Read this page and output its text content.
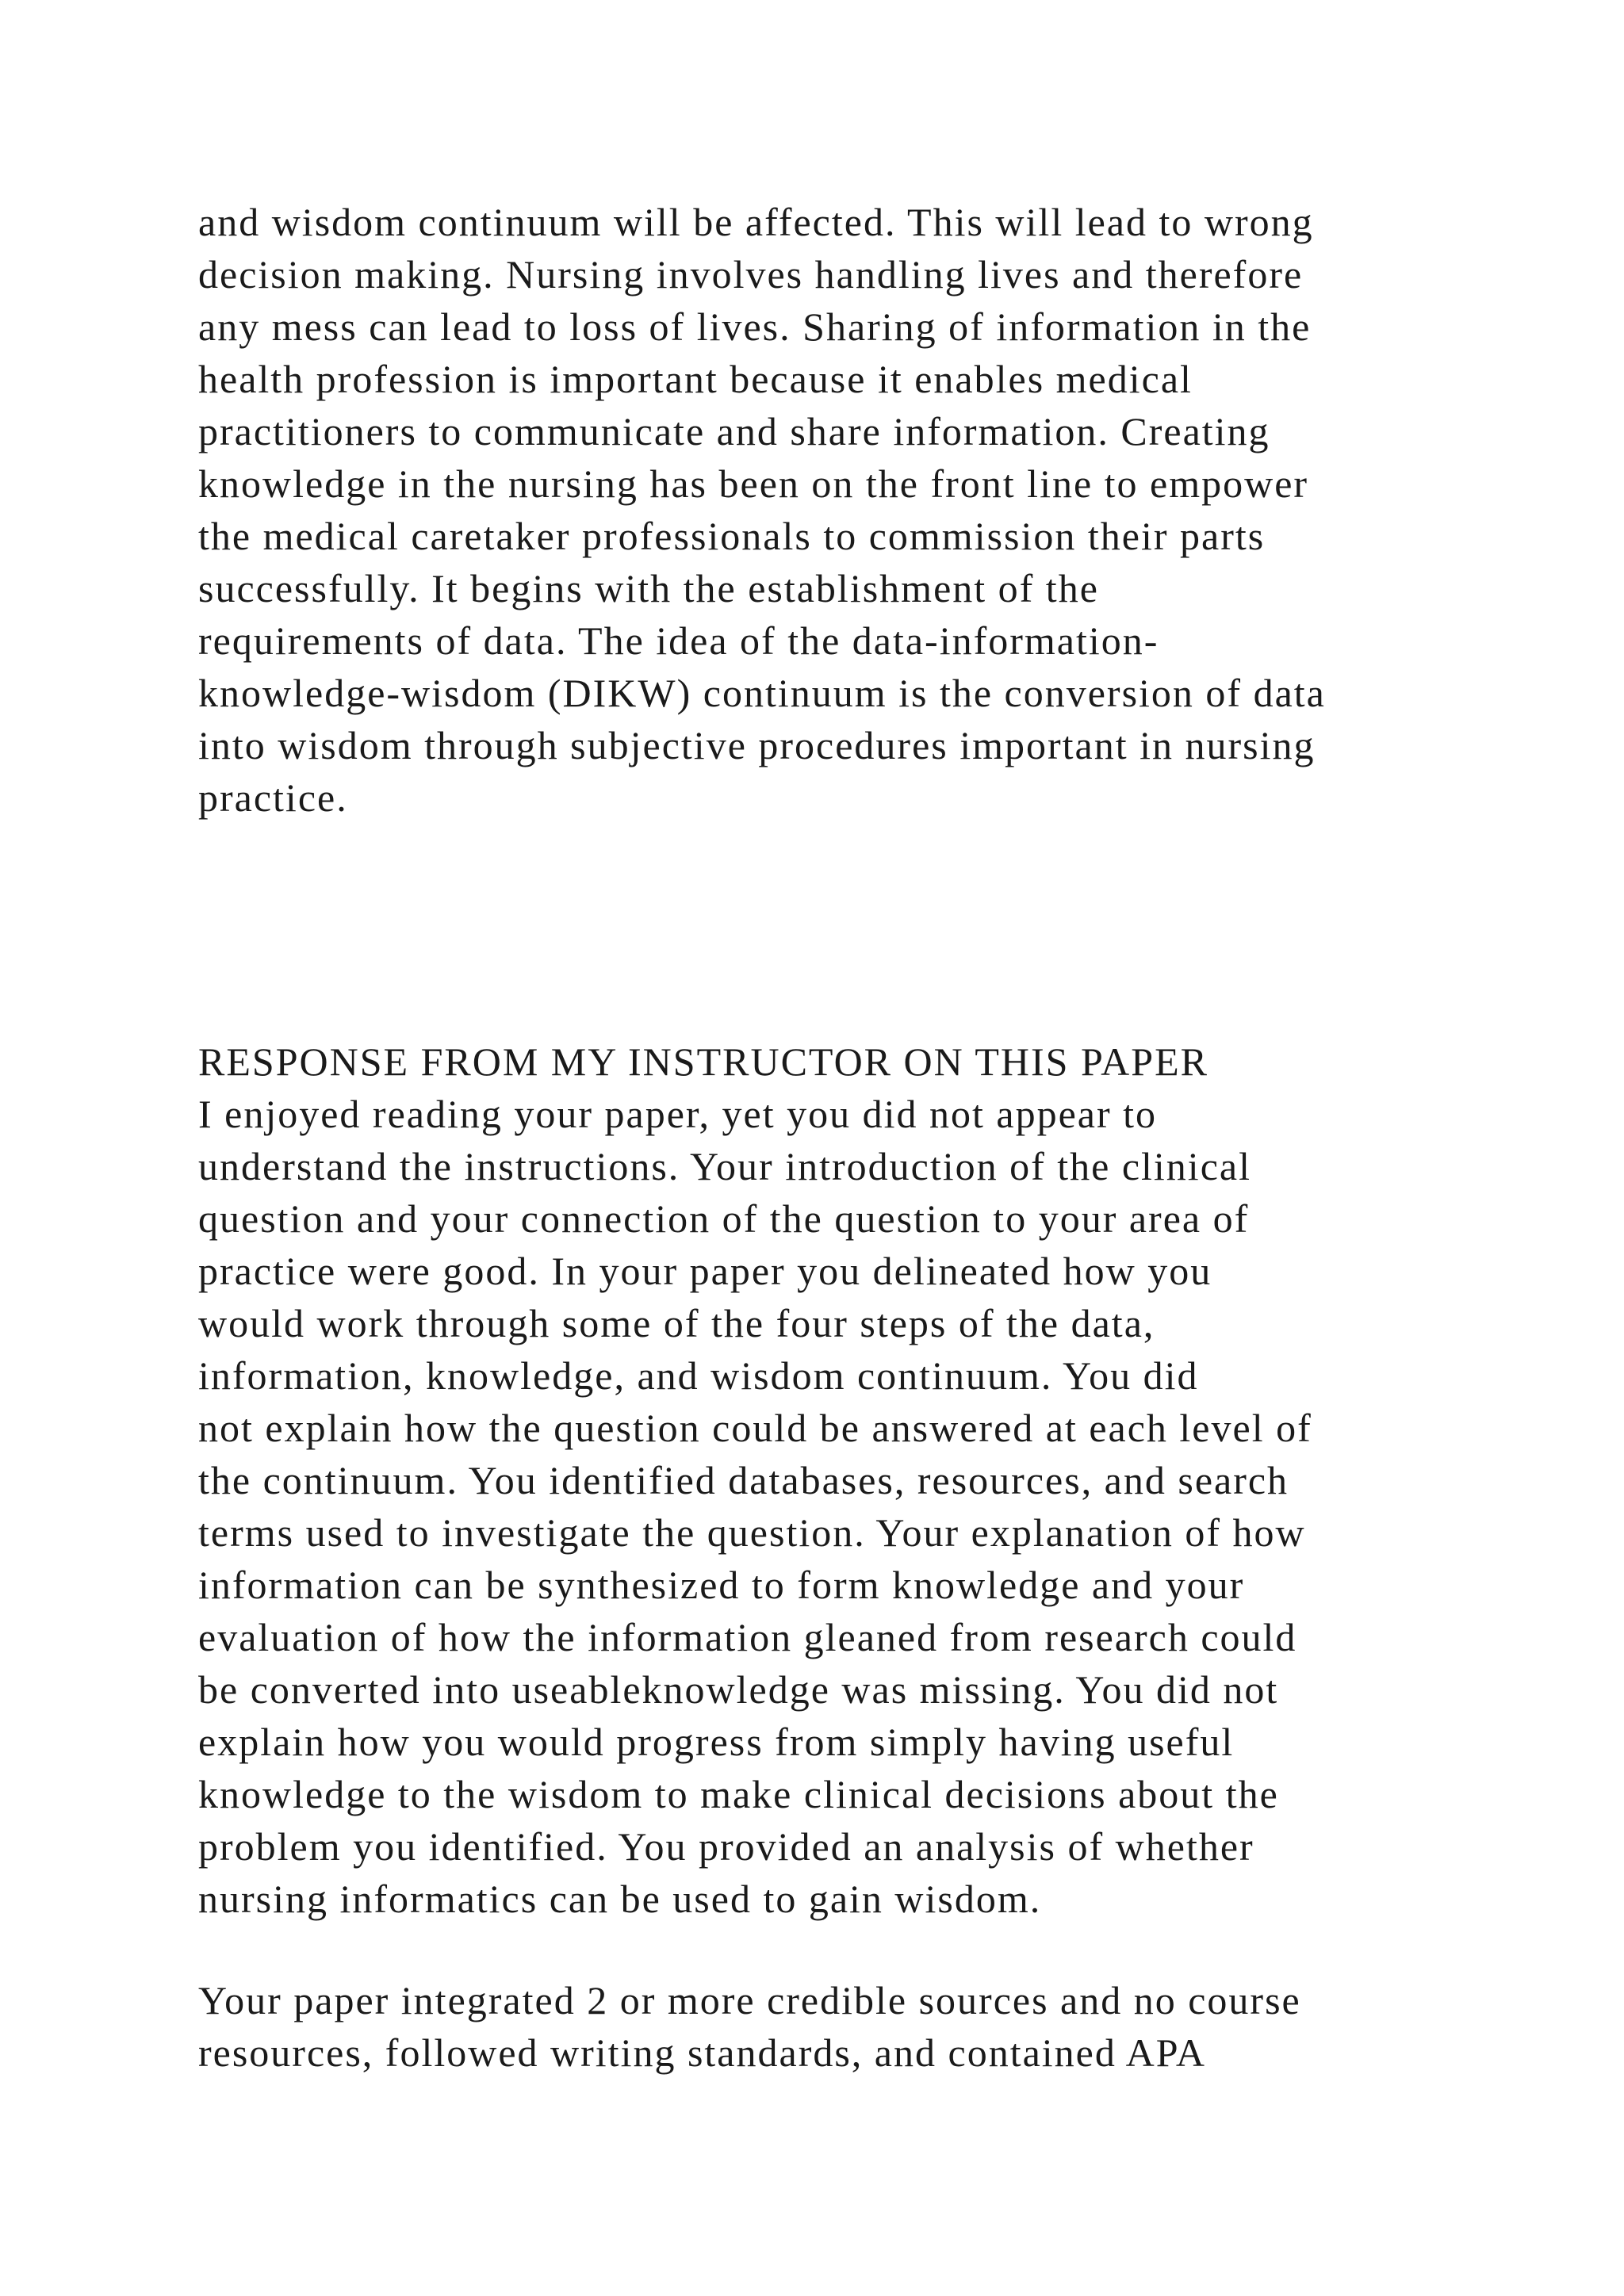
and wisdom continuum will be affected. This will lead to wrong
decision making. Nursing involves handling lives and therefore
any mess can lead to loss of lives. Sharing of information in the
health profession is important because it enables medical
practitioners to communicate and share information. Creating
knowledge in the nursing has been on the front line to empower
the medical caretaker professionals to commission their parts
successfully. It begins with the establishment of the
requirements of data. The idea of the data-information-
knowledge-wisdom (DIKW) continuum is the conversion of data
into wisdom through subjective procedures important in nursing
practice.
RESPONSE FROM MY INSTRUCTOR ON THIS PAPER
I enjoyed reading your paper, yet you did not appear to
understand the instructions. Your introduction of the clinical
question and your connection of the question to your area of
practice were good. In your paper you delineated how you
would work through some of the four steps of the data,
information, knowledge, and wisdom continuum. You did
not explain how the question could be answered at each level of
the continuum. You identified databases, resources, and search
terms used to investigate the question. Your explanation of how
information can be synthesized to form knowledge and your
evaluation of how the information gleaned from research could
be converted into useableknowledge was missing. You did not
explain how you would progress from simply having useful
knowledge to the wisdom to make clinical decisions about the
problem you identified. You provided an analysis of whether
nursing informatics can be used to gain wisdom.
Your paper integrated 2 or more credible sources and no course
resources, followed writing standards, and contained APA
